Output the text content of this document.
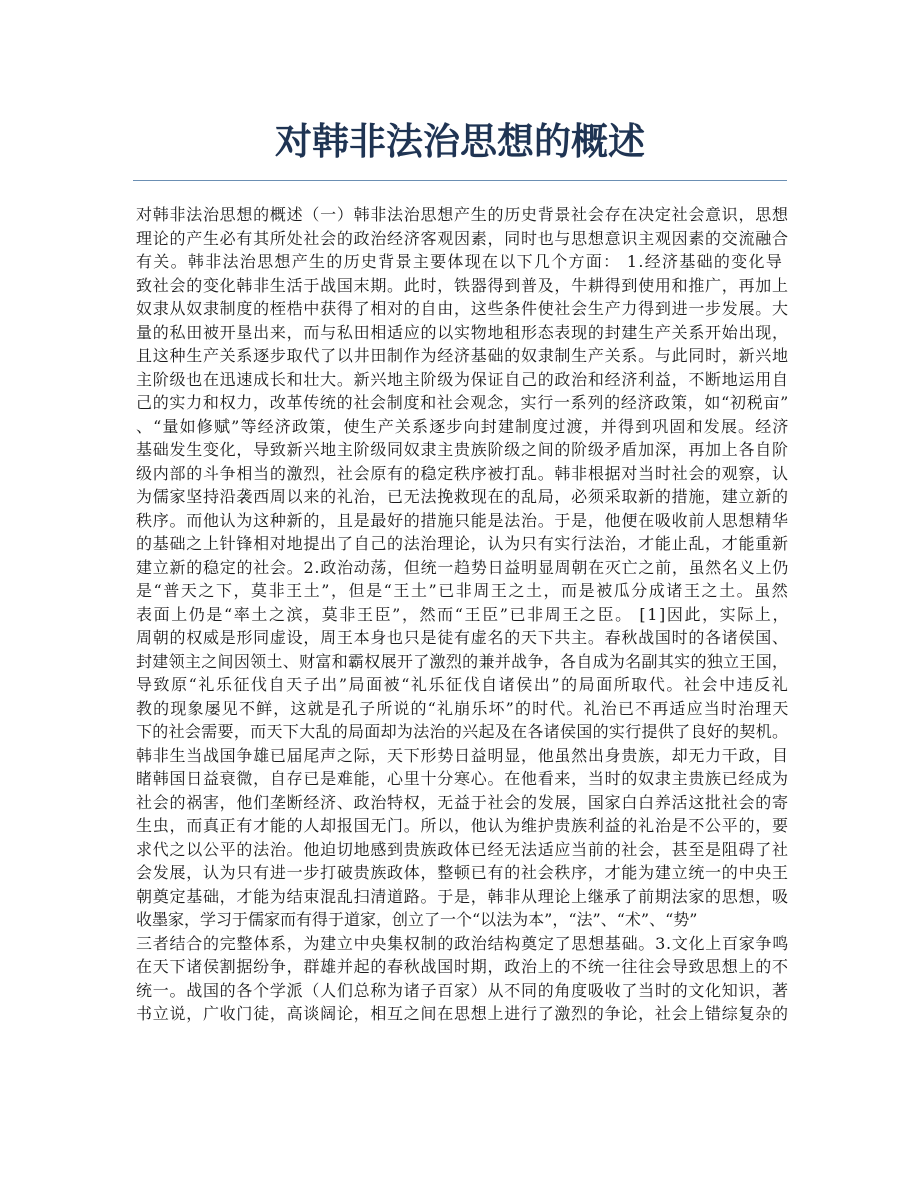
对韩非法治思想的概述
对韩非法治思想的概述（一）韩非法治思想产生的历史背景社会存在决定社会意识，思想
理论的产生必有其所处社会的政治经济客观因素，同时也与思想意识主观因素的交流融合
有关。韩非法治思想产生的历史背景主要体现在以下几个方面： 1.经济基础的变化导
致社会的变化韩非生活于战国末期。此时，铁器得到普及，牛耕得到使用和推广，再加上
奴隶从奴隶制度的桎梏中获得了相对的自由，这些条件使社会生产力得到进一步发展。大
量的私田被开垦出来，而与私田相适应的以实物地租形态表现的封建生产关系开始出现，
且这种生产关系逐步取代了以井田制作为经济基础的奴隶制生产关系。与此同时，新兴地
主阶级也在迅速成长和壮大。新兴地主阶级为保证自己的政治和经济利益，不断地运用自
己的实力和权力，改革传统的社会制度和社会观念，实行一系列的经济政策，如“初税亩”
、“量如修赋”等经济政策，使生产关系逐步向封建制度过渡，并得到巩固和发展。经济
基础发生变化，导致新兴地主阶级同奴隶主贵族阶级之间的阶级矛盾加深，再加上各自阶
级内部的斗争相当的激烈，社会原有的稳定秩序被打乱。韩非根据对当时社会的观察，认
为儒家坚持沿袭西周以来的礼治，已无法挽救现在的乱局，必须采取新的措施，建立新的
秩序。而他认为这种新的，且是最好的措施只能是法治。于是，他便在吸收前人思想精华
的基础之上针锋相对地提出了自己的法治理论，认为只有实行法治，才能止乱，才能重新
建立新的稳定的社会。2.政治动荡，但统一趋势日益明显周朝在灭亡之前，虽然名义上仍
是“普天之下，莫非王土”，但是“王土”已非周王之土，而是被瓜分成诸王之土。虽然
表面上仍是“率土之滨，莫非王臣”，然而“王臣”已非周王之臣。 [1]因此，实际上，
周朝的权威是形同虚设，周王本身也只是徒有虚名的天下共主。春秋战国时的各诸侯国、
封建领主之间因领土、财富和霸权展开了激烈的兼并战争，各自成为名副其实的独立王国，
导致原“礼乐征伐自天子出”局面被“礼乐征伐自诸侯出”的局面所取代。社会中违反礼
教的现象屡见不鲜，这就是孔子所说的“礼崩乐坏”的时代。礼治已不再适应当时治理天
下的社会需要，而天下大乱的局面却为法治的兴起及在各诸侯国的实行提供了良好的契机。
韩非生当战国争雄已届尾声之际，天下形势日益明显，他虽然出身贵族，却无力干政，目
睹韩国日益衰微，自存已是难能，心里十分寒心。在他看来，当时的奴隶主贵族已经成为
社会的祸害，他们垄断经济、政治特权，无益于社会的发展，国家白白养活这批社会的寄
生虫，而真正有才能的人却报国无门。所以，他认为维护贵族利益的礼治是不公平的，要
求代之以公平的法治。他迫切地感到贵族政体已经无法适应当前的社会，甚至是阻碍了社
会发展，认为只有进一步打破贵族政体，整顿已有的社会秩序，才能为建立统一的中央王
朝奠定基础，才能为结束混乱扫清道路。于是，韩非从理论上继承了前期法家的思想，吸
收墨家，学习于儒家而有得于道家，创立了一个“以法为本”，“法”、“术”、“势”
三者结合的完整体系，为建立中央集权制的政治结构奠定了思想基础。3.文化上百家争鸣
在天下诸侯割据纷争，群雄并起的春秋战国时期，政治上的不统一往往会导致思想上的不
统一。战国的各个学派（人们总称为诸子百家）从不同的角度吸收了当时的文化知识，著
书立说，广收门徒，高谈阔论，相互之间在思想上进行了激烈的争论，社会上错综复杂的
